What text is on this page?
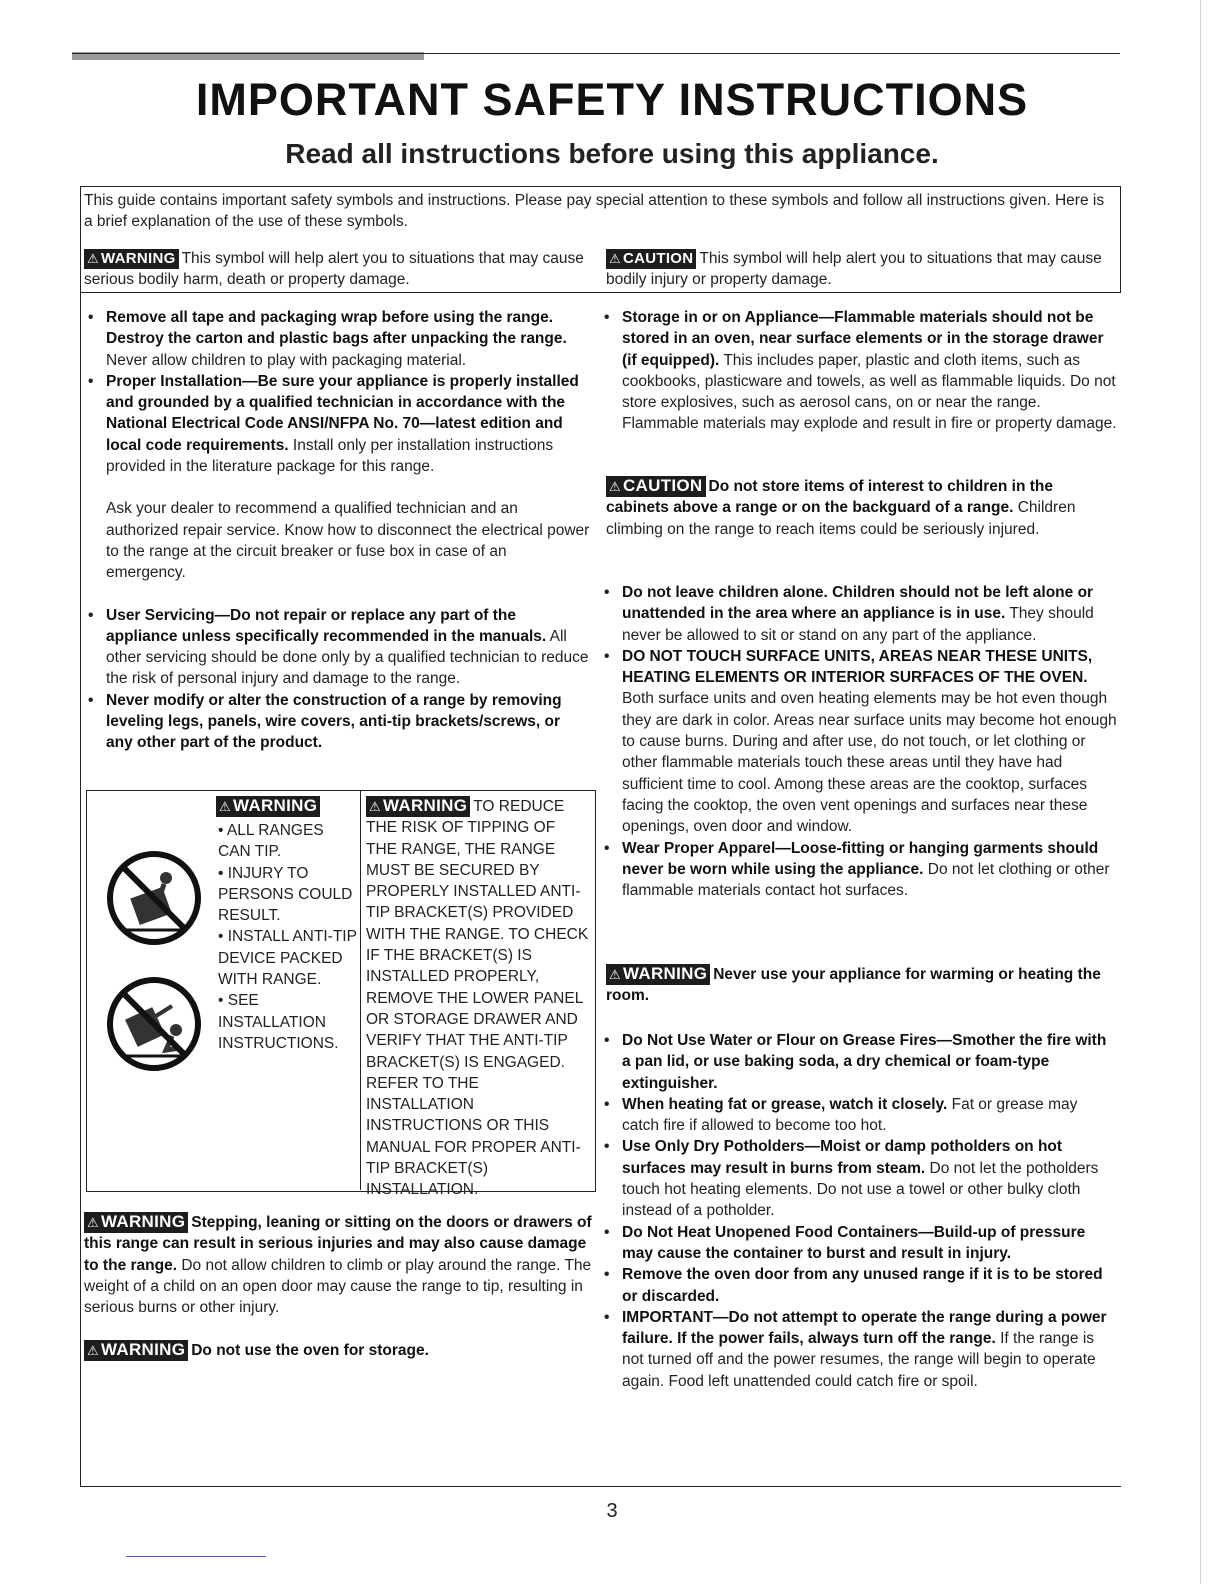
IMPORTANT SAFETY INSTRUCTIONS
Read all instructions before using this appliance.
This guide contains important safety symbols and instructions. Please pay special attention to these symbols and follow all instructions given. Here is a brief explanation of the use of these symbols.
⚠ WARNING This symbol will help alert you to situations that may cause serious bodily harm, death or property damage.
⚠ CAUTION This symbol will help alert you to situations that may cause bodily injury or property damage.
• Remove all tape and packaging wrap before using the range. Destroy the carton and plastic bags after unpacking the range. Never allow children to play with packaging material.
• Proper Installation—Be sure your appliance is properly installed and grounded by a qualified technician in accordance with the National Electrical Code ANSI/NFPA No. 70—latest edition and local code requirements. Install only per installation instructions provided in the literature package for this range.
Ask your dealer to recommend a qualified technician and an authorized repair service. Know how to disconnect the electrical power to the range at the circuit breaker or fuse box in case of an emergency.
• User Servicing—Do not repair or replace any part of the appliance unless specifically recommended in the manuals. All other servicing should be done only by a qualified technician to reduce the risk of personal injury and damage to the range.
• Never modify or alter the construction of a range by removing leveling legs, panels, wire covers, anti-tip brackets/screws, or any other part of the product.
⚠ WARNING
• ALL RANGES CAN TIP.
• INJURY TO PERSONS COULD RESULT.
• INSTALL ANTI-TIP DEVICE PACKED WITH RANGE.
• SEE INSTALLATION INSTRUCTIONS.
⚠ WARNING TO REDUCE THE RISK OF TIPPING OF THE RANGE, THE RANGE MUST BE SECURED BY PROPERLY INSTALLED ANTI-TIP BRACKET(S) PROVIDED WITH THE RANGE. TO CHECK IF THE BRACKET(S) IS INSTALLED PROPERLY, REMOVE THE LOWER PANEL OR STORAGE DRAWER AND VERIFY THAT THE ANTI-TIP BRACKET(S) IS ENGAGED. REFER TO THE INSTALLATION INSTRUCTIONS OR THIS MANUAL FOR PROPER ANTI-TIP BRACKET(S) INSTALLATION.
⚠ WARNING Stepping, leaning or sitting on the doors or drawers of this range can result in serious injuries and may also cause damage to the range. Do not allow children to climb or play around the range. The weight of a child on an open door may cause the range to tip, resulting in serious burns or other injury.
⚠ WARNING Do not use the oven for storage.
• Storage in or on Appliance—Flammable materials should not be stored in an oven, near surface elements or in the storage drawer (if equipped). This includes paper, plastic and cloth items, such as cookbooks, plasticware and towels, as well as flammable liquids. Do not store explosives, such as aerosol cans, on or near the range. Flammable materials may explode and result in fire or property damage.
⚠ CAUTION Do not store items of interest to children in the cabinets above a range or on the backguard of a range. Children climbing on the range to reach items could be seriously injured.
• Do not leave children alone. Children should not be left alone or unattended in the area where an appliance is in use. They should never be allowed to sit or stand on any part of the appliance.
• DO NOT TOUCH SURFACE UNITS, AREAS NEAR THESE UNITS, HEATING ELEMENTS OR INTERIOR SURFACES OF THE OVEN. Both surface units and oven heating elements may be hot even though they are dark in color. Areas near surface units may become hot enough to cause burns. During and after use, do not touch, or let clothing or other flammable materials touch these areas until they have had sufficient time to cool. Among these areas are the cooktop, surfaces facing the cooktop, the oven vent openings and surfaces near these openings, oven door and window.
• Wear Proper Apparel—Loose-fitting or hanging garments should never be worn while using the appliance. Do not let clothing or other flammable materials contact hot surfaces.
⚠ WARNING Never use your appliance for warming or heating the room.
• Do Not Use Water or Flour on Grease Fires—Smother the fire with a pan lid, or use baking soda, a dry chemical or foam-type extinguisher.
• When heating fat or grease, watch it closely. Fat or grease may catch fire if allowed to become too hot.
• Use Only Dry Potholders—Moist or damp potholders on hot surfaces may result in burns from steam. Do not let the potholders touch hot heating elements. Do not use a towel or other bulky cloth instead of a potholder.
• Do Not Heat Unopened Food Containers—Build-up of pressure may cause the container to burst and result in injury.
• Remove the oven door from any unused range if it is to be stored or discarded.
• IMPORTANT—Do not attempt to operate the range during a power failure. If the power fails, always turn off the range. If the range is not turned off and the power resumes, the range will begin to operate again. Food left unattended could catch fire or spoil.
3
